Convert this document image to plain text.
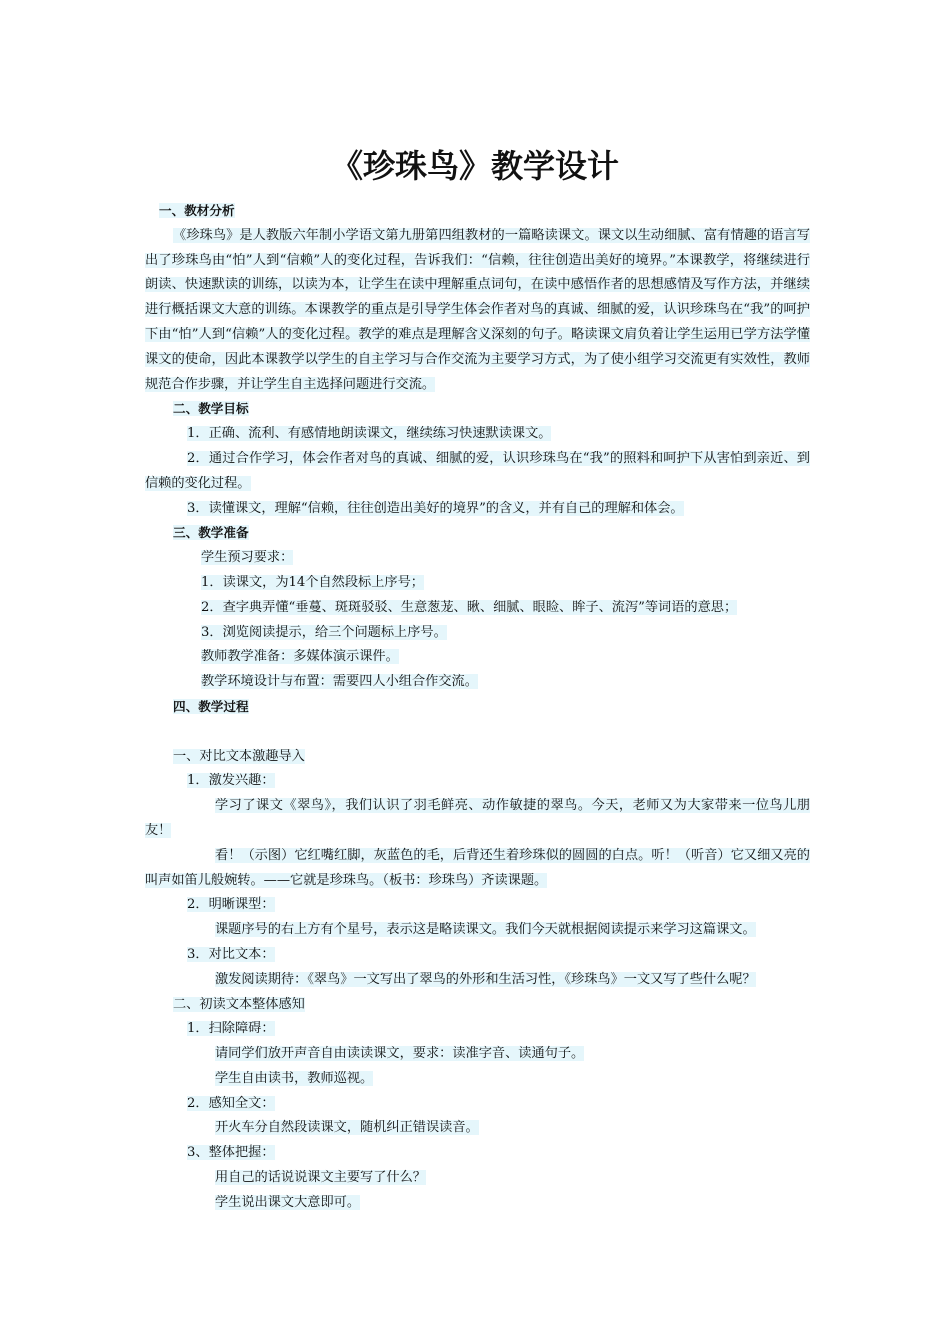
《珍珠鸟》教学设计

一、教材分析

《珍珠鸟》是人教版六年制小学语文第九册第四组教材的一篇略读课文。课文以生动细腻、富有情趣的语言写出了珍珠鸟由“怕”人到“信赖”人的变化过程，告诉我们：“信赖，往往创造出美好的境界。”本课教学，将继续进行朗读、快速默读的训练，以读为本，让学生在读中理解重点词句，在读中感悟作者的思想感情及写作方法，并继续进行概括课文大意的训练。本课教学的重点是引导学生体会作者对鸟的真诚、细腻的爱，认识珍珠鸟在“我”的呵护下由“怕”人到“信赖”人的变化过程。教学的难点是理解含义深刻的句子。略读课文肩负着让学生运用已学方法学懂课文的使命，因此本课教学以学生的自主学习与合作交流为主要学习方式，为了使小组学习交流更有实效性，教师规范合作步骤，并让学生自主选择问题进行交流。

二、教学目标

1．正确、流利、有感情地朗读课文，继续练习快速默读课文。

2．通过合作学习，体会作者对鸟的真诚、细腻的爱，认识珍珠鸟在“我”的照料和呵护下从害怕到亲近、到信赖的变化过程。

3．读懂课文，理解“信赖，往往创造出美好的境界”的含义，并有自己的理解和体会。

三、教学准备

学生预习要求：

1．读课文，为14个自然段标上序号；

2．查字典弄懂“垂蔓、斑斑驳驳、生意葱茏、瞅、细腻、眼睑、眸子、流泻”等词语的意思；

3．浏览阅读提示，给三个问题标上序号。

教师教学准备：多媒体演示课件。

教学环境设计与布置：需要四人小组合作交流。

四、教学过程

一、对比文本激趣导入

1．激发兴趣：

学习了课文《翠鸟》，我们认识了羽毛鲜亮、动作敏捷的翠鸟。今天，老师又为大家带来一位鸟儿朋友！

看！（示图）它红嘴红脚，灰蓝色的毛，后背还生着珍珠似的圆圆的白点。听！（听音）它又细又亮的叫声如笛儿般婉转。——它就是珍珠鸟。（板书：珍珠鸟）齐读课题。

2．明晰课型：

课题序号的右上方有个星号，表示这是略读课文。我们今天就根据阅读提示来学习这篇课文。

3．对比文本：

激发阅读期待：《翠鸟》一文写出了翠鸟的外形和生活习性，《珍珠鸟》一文又写了些什么呢？

二、初读文本整体感知

1．扫除障碍：

请同学们放开声音自由读读课文，要求：读准字音、读通句子。

学生自由读书，教师巡视。

2．感知全文：

开火车分自然段读课文，随机纠正错误读音。

3、整体把握：

用自己的话说说课文主要写了什么？

学生说出课文大意即可。
